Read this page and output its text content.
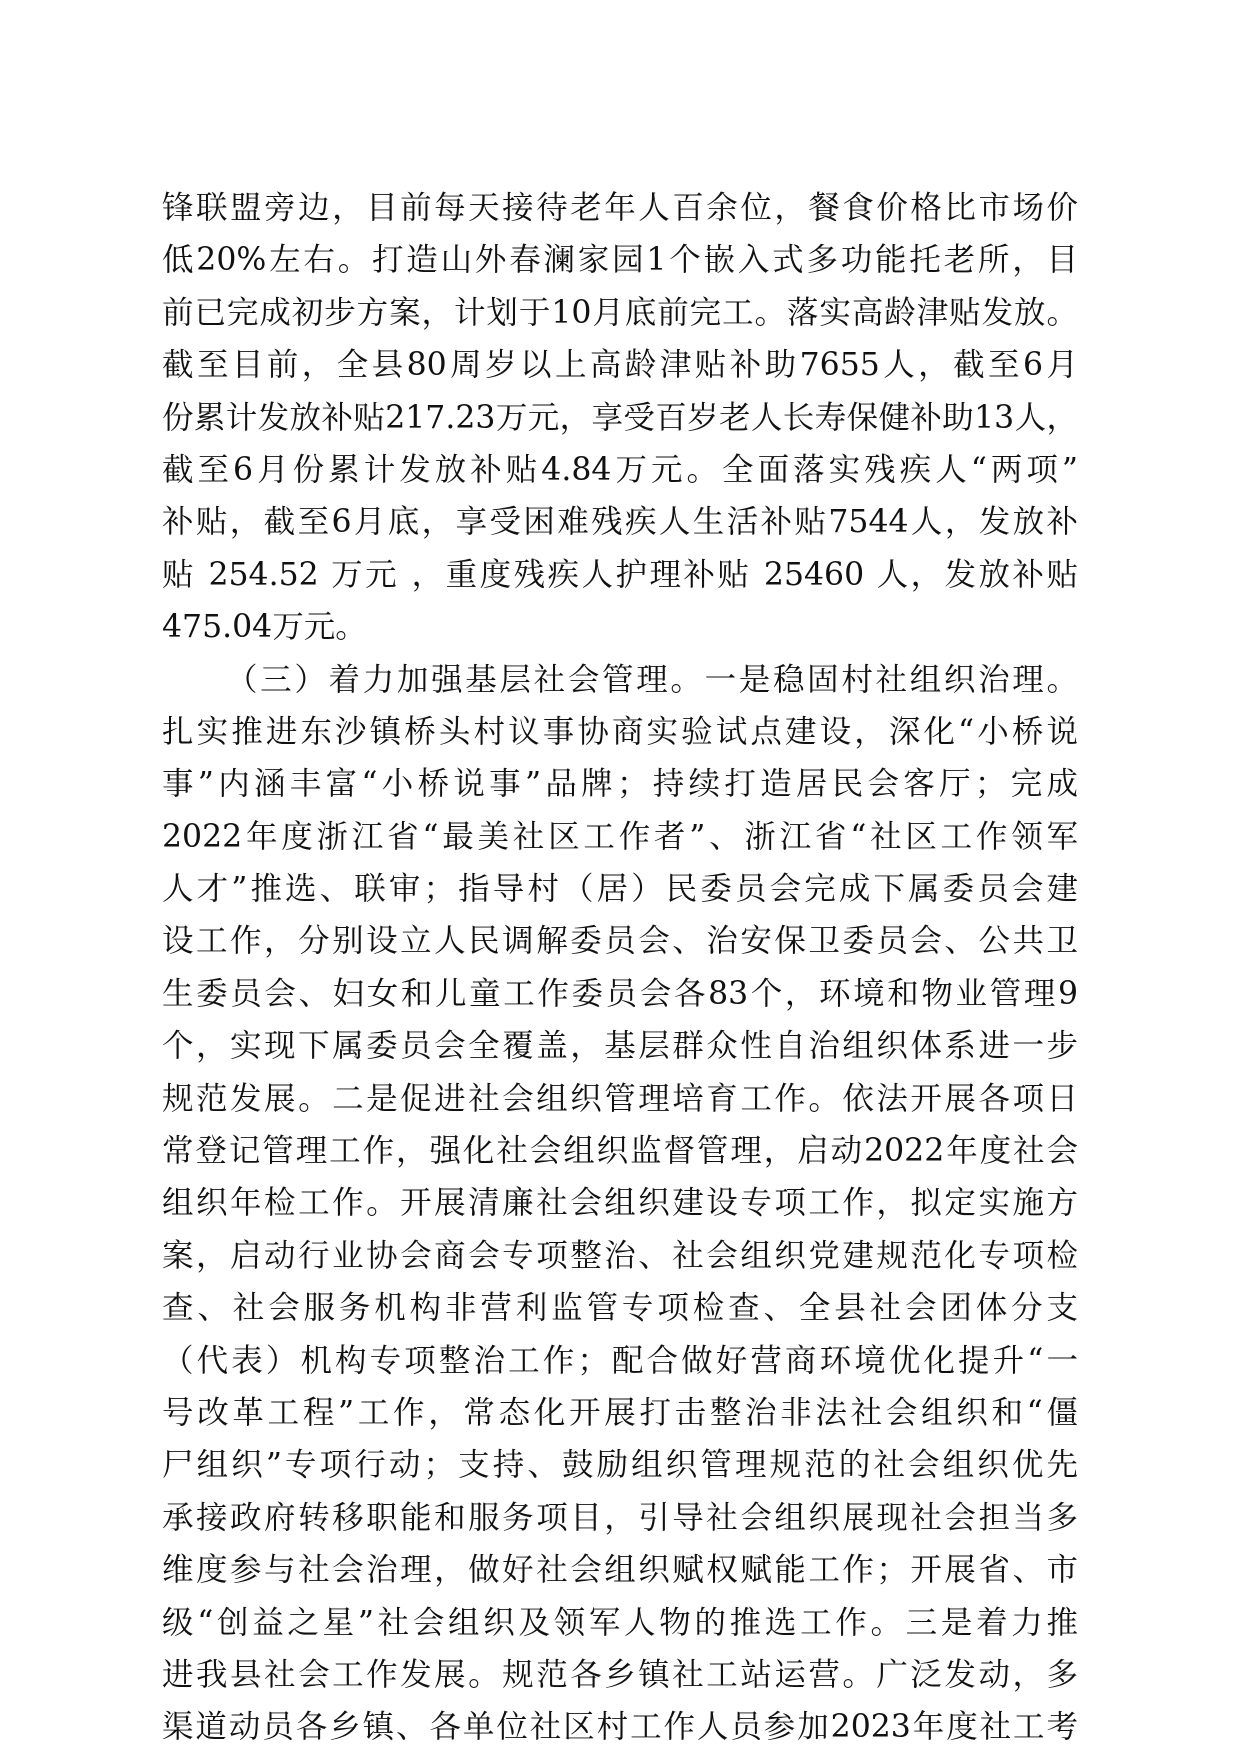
锋联盟旁边，目前每天接待老年人百余位，餐食价格比市场价
低20%左右。打造山外春澜家园1个嵌入式多功能托老所，目
前已完成初步方案，计划于10月底前完工。落实高龄津贴发放。
截至目前，全县80周岁以上高龄津贴补助7655人，截至6月
份累计发放补贴217.23万元，享受百岁老人长寿保健补助13人，
截至6月份累计发放补贴4.84万元。全面落实残疾人“两项”
补贴，截至6月底，享受困难残疾人生活补贴7544人，发放补
贴 254.52 万元 ，重度残疾人护理补贴 25460 人，发放补贴
475.04万元。
（三）着力加强基层社会管理。一是稳固村社组织治理。
扎实推进东沙镇桥头村议事协商实验试点建设，深化“小桥说
事”内涵丰富“小桥说事”品牌；持续打造居民会客厅；完成
2022年度浙江省“最美社区工作者”、浙江省“社区工作领军
人才”推选、联审；指导村（居）民委员会完成下属委员会建
设工作，分别设立人民调解委员会、治安保卫委员会、公共卫
生委员会、妇女和儿童工作委员会各83个，环境和物业管理9
个，实现下属委员会全覆盖，基层群众性自治组织体系进一步
规范发展。二是促进社会组织管理培育工作。依法开展各项日
常登记管理工作，强化社会组织监督管理，启动2022年度社会
组织年检工作。开展清廉社会组织建设专项工作，拟定实施方
案，启动行业协会商会专项整治、社会组织党建规范化专项检
查、社会服务机构非营利监管专项检查、全县社会团体分支
（代表）机构专项整治工作；配合做好营商环境优化提升“一
号改革工程”工作，常态化开展打击整治非法社会组织和“僵
尸组织”专项行动；支持、鼓励组织管理规范的社会组织优先
承接政府转移职能和服务项目，引导社会组织展现社会担当多
维度参与社会治理，做好社会组织赋权赋能工作；开展省、市
级“创益之星”社会组织及领军人物的推选工作。三是着力推
进我县社会工作发展。规范各乡镇社工站运营。广泛发动，多
渠道动员各乡镇、各单位社区村工作人员参加2023年度社工考
